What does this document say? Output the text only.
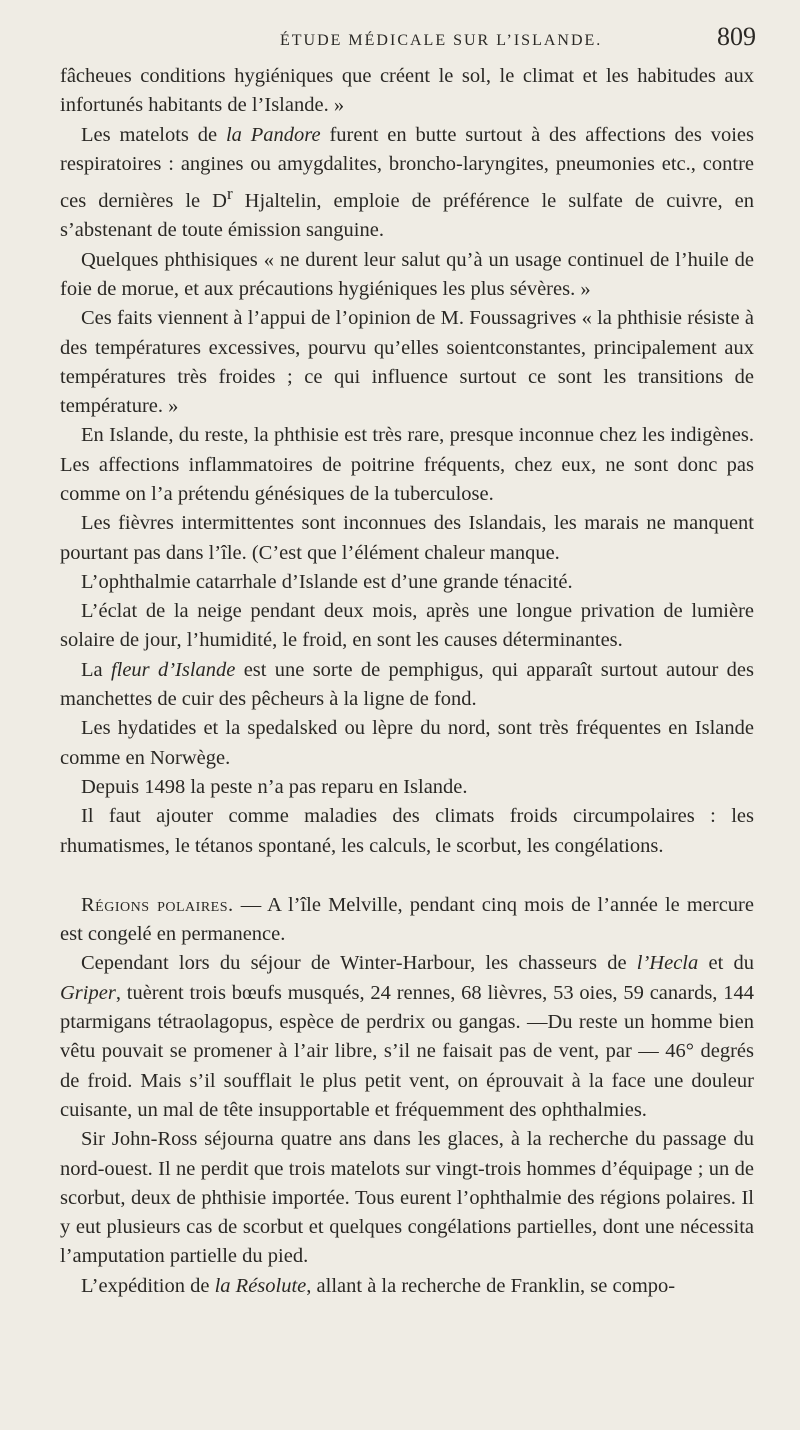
ÉTUDE MÉDICALE SUR L’ISLANDE.	809

fâcheues conditions hygiéniques que créent le sol, le climat et les habitudes aux infortunés habitants de l’Islande. »

Les matelots de la Pandore furent en butte surtout à des affections des voies respiratoires : angines ou amygdalites, broncho-laryngites, pneumonies etc., contre ces dernières le $D^r$ Hjaltelin, emploie de préférence le sulfate de cuivre, en s’abstenant de toute émission sanguine.

Quelques phthisiques « ne durent leur salut qu’à un usage continuel de l’huile de foie de morue, et aux précautions hygiéniques les plus sévères. »

Ces faits viennent à l’appui de l’opinion de M. Foussagrives « la phthisie résiste à des températures excessives, pourvu qu’elles soientconstantes, principalement aux températures très froides ; ce qui influence surtout ce sont les transitions de température. »

En Islande, du reste, la phthisie est très rare, presque inconnue chez les indigènes. Les affections inflammatoires de poitrine fréquents, chez eux, ne sont donc pas comme on l’a prétendu génésiques de la tuberculose.

Les fièvres intermittentes sont inconnues des Islandais, les marais ne manquent pourtant pas dans l’île. (C’est que l’élément chaleur manque.

L’ophthalmie catarrhale d’Islande est d’une grande ténacité.

L’éclat de la neige pendant deux mois, après une longue privation de lumière solaire de jour, l’humidité, le froid, en sont les causes déterminantes.

La fleur d’Islande est une sorte de pemphigus, qui apparaît surtout autour des manchettes de cuir des pêcheurs à la ligne de fond.

Les hydatides et la spedalsked ou lèpre du nord, sont très fréquentes en Islande comme en Norwège.

Depuis 1498 la peste n’a pas reparu en Islande.

Il faut ajouter comme maladies des climats froids circumpolaires : les rhumatismes, le tétanos spontané, les calculs, le scorbut, les congélations.

Régions polaires. — A l’île Melville, pendant cinq mois de l’année le mercure est congelé en permanence.

Cependant lors du séjour de Winter-Harbour, les chasseurs de l’Hecla et du Griper, tuèrent trois bœufs musqués, 24 rennes, 68 lièvres, 53 oies, 59 canards, 144 ptarmigans tétraolagopus, espèce de perdrix ou gangas. —Du reste un homme bien vêtu pouvait se promener à l’air libre, s’il ne faisait pas de vent, par — 46° degrés de froid. Mais s’il soufflait le plus petit vent, on éprouvait à la face une douleur cuisante, un mal de tête insupportable et fréquemment des ophthalmies.

Sir John-Ross séjourna quatre ans dans les glaces, à la recherche du passage du nord-ouest. Il ne perdit que trois matelots sur vingt-trois hommes d’équipage ; un de scorbut, deux de phthisie importée. Tous eurent l’ophthalmie des régions polaires. Il y eut plusieurs cas de scorbut et quelques congélations partielles, dont une nécessita l’amputation partielle du pied.

L’expédition de la Résolute, allant à la recherche de Franklin, se compo-
